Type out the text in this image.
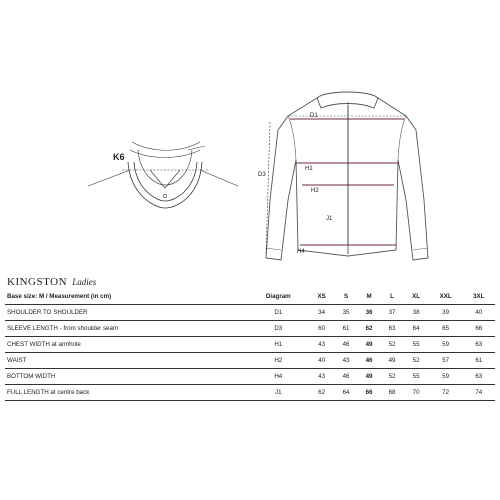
K6
D1
D3
H1
H2
H4
J1
KINGSTON Ladies
Base size: M / Measurement (in cm)	Diagram	XS	S	M	L	XL	XXL	3XL
SHOULDER TO SHOULDER	D1	34	35	36	37	38	39	40
SLEEVE LENGTH - from shoulder seam	D3	60	61	62	63	64	65	66
CHEST WIDTH at armhole	H1	43	46	49	52	55	59	63
WAIST	H2	40	43	46	49	52	57	61
BOTTOM WIDTH	H4	43	46	49	52	55	59	63
FULL LENGTH at centre back	J1	62	64	66	68	70	72	74
